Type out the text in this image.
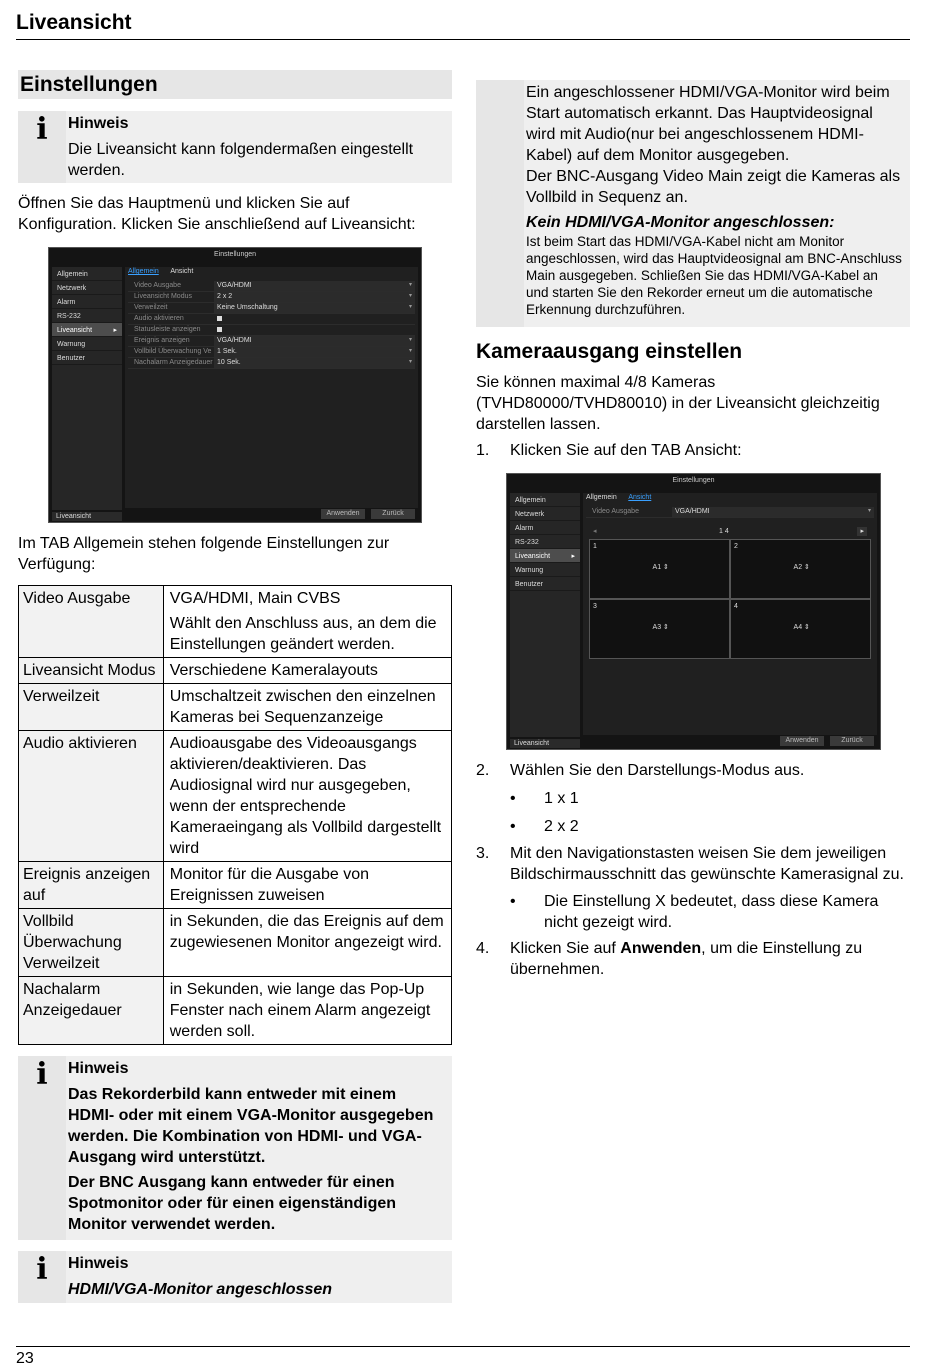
Liveansicht
Einstellungen
i	Hinweis
Die Liveansicht kann folgendermaßen eingestellt werden.

Öffnen Sie das Hauptmenü und klicken Sie auf Konfiguration. Klicken Sie anschließend auf Liveansicht:

Einstellungen
Allgemein
Netzwerk
Alarm
RS-232
Liveansicht	▸
Warnung
Benutzer
Allgemein Ansicht
Video Ausgabe	VGA/HDMI ▾
Liveansicht Modus	2 x 2 ▾
Verweilzeit	Keine Umschaltung ▾
Audio aktivieren
Statusleiste anzeigen
Ereignis anzeigen	VGA/HDMI ▾
Vollbild Überwachung Ve 1 Sek. ▾
Nachalarm Anzeigedauer 10 Sek. ▾
Liveansicht	Anwenden	Zurück

Im TAB Allgemein stehen folgende Einstellungen zur Verfügung:

Video Ausgabe	VGA/HDMI, Main CVBS
Wählt den Anschluss aus, an dem die Einstellungen geändert werden.

Liveansicht Modus	Verschiedene Kameralayouts

Verweilzeit	Umschaltzeit zwischen den einzelnen Kameras bei Sequenzanzeige

Audio aktivieren	Audioausgabe des Videoausgangs aktivieren/deaktivieren. Das Audiosignal wird nur ausgegeben, wenn der entsprechende Kameraeingang als Vollbild dargestellt wird

Ereignis anzeigen auf	Monitor für die Ausgabe von Ereignissen zuweisen

Vollbild Überwachung Verweilzeit	in Sekunden, die das Ereignis auf dem zugewiesenen Monitor angezeigt wird.

Nachalarm Anzeigedauer	in Sekunden, wie lange das Pop-Up Fenster nach einem Alarm angezeigt werden soll.
i	Hinweis
Das Rekorderbild kann entweder mit einem HDMI- oder mit einem VGA-Monitor ausgegeben werden. Die Kombination von HDMI- und VGA-Ausgang wird unterstützt.
Der BNC Ausgang kann entweder für einen Spotmonitor oder für einen eigenständigen Monitor verwendet werden.
i	Hinweis
HDMI/VGA-Monitor angeschlossen
Ein angeschlossener HDMI/VGA-Monitor wird beim Start automatisch erkannt. Das Hauptvideosignal wird mit Audio(nur bei angeschlossenem HDMI-Kabel) auf dem Monitor ausgegeben.
Der BNC-Ausgang Video Main zeigt die Kameras als Vollbild in Sequenz an.
Kein HDMI/VGA-Monitor angeschlossen:
Ist beim Start das HDMI/VGA-Kabel nicht am Monitor angeschlossen, wird das Hauptvideosignal am BNC-Anschluss Main ausgegeben. Schließen Sie das HDMI/VGA-Kabel an und starten Sie den Rekorder erneut um die automatische Erkennung durchzuführen.
Kameraausgang einstellen

Sie können maximal 4/8 Kameras (TVHD80000/TVHD80010) in der Liveansicht gleichzeitig darstellen lassen.

1.	Klicken Sie auf den TAB Ansicht:
Einstellungen
Allgemein
Netzwerk
Alarm
RS-232
Liveansicht	▸
Warnung
Benutzer
Allgemein Ansicht
Video Ausgabe	VGA/HDMI ▾
◂	1 4	▸
1
A1 ⇕
2
A2 ⇕
3
A3 ⇕
4
A4 ⇕
Liveansicht	Anwenden	Zurück
2.	Wählen Sie den Darstellungs-Modus aus.
•	1 x 1
•	2 x 2
3.	Mit den Navigationstasten weisen Sie dem jeweiligen Bildschirmausschnitt das gewünschte Kamerasignal zu.
•	Die Einstellung X bedeutet, dass diese Kamera nicht gezeigt wird.
4.	Klicken Sie auf Anwenden, um die Einstellung zu übernehmen.
23
